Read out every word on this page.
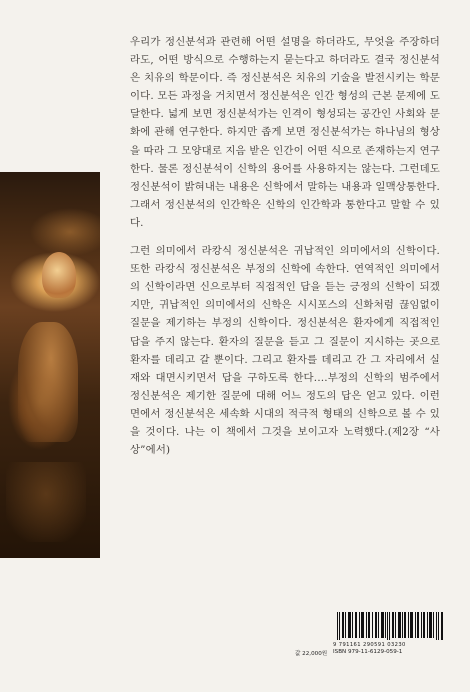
우리가 정신분석과 관련해 어떤 설명을 하더라도, 무엇을 주장하더라도, 어떤 방식으로 수행하는지 묻는다고 하더라도 결국 정신분석은 치유의 학문이다. 즉 정신분석은 치유의 기술을 발전시키는 학문이다. 모든 과정을 거치면서 정신분석은 인간 형성의 근본 문제에 도달한다. 넓게 보면 정신분석가는 인격이 형성되는 공간인 사회와 문화에 관해 연구한다. 하지만 좁게 보면 정신분석가는 하나님의 형상을 따라 그 모양대로 지음 받은 인간이 어떤 식으로 존재하는지 연구한다. 물론 정신분석이 신학의 용어를 사용하지는 않는다. 그런데도 정신분석이 밝혀내는 내용은 신학에서 말하는 내용과 일맥상통한다. 그래서 정신분석의 인간학은 신학의 인간학과 통한다고 말할 수 있다.

그런 의미에서 라캉식 정신분석은 귀납적인 의미에서의 신학이다. 또한 라캉식 정신분석은 부정의 신학에 속한다. 연역적인 의미에서의 신학이라면 신으로부터 직접적인 답을 듣는 긍정의 신학이 되겠지만, 귀납적인 의미에서의 신학은 시시포스의 신화처럼 끊임없이 질문을 제기하는 부정의 신학이다. 정신분석은 환자에게 직접적인 답을 주지 않는다. 환자의 질문을 듣고 그 질문이 지시하는 곳으로 환자를 데리고 갈 뿐이다. 그리고 환자를 데리고 간 그 자리에서 실재와 대면시키면서 답을 구하도록 한다.…부정의 신학의 범주에서 정신분석은 제기한 질문에 대해 어느 정도의 답은 얻고 있다. 이런 면에서 정신분석은 세속화 시대의 적극적 형태의 신학으로 볼 수 있을 것이다. 나는 이 책에서 그것을 보이고자 노력했다.(제2장 “사상”에서)

9 791161 290591 03230
값 22,000원 ISBN 979-11-6129-059-1
